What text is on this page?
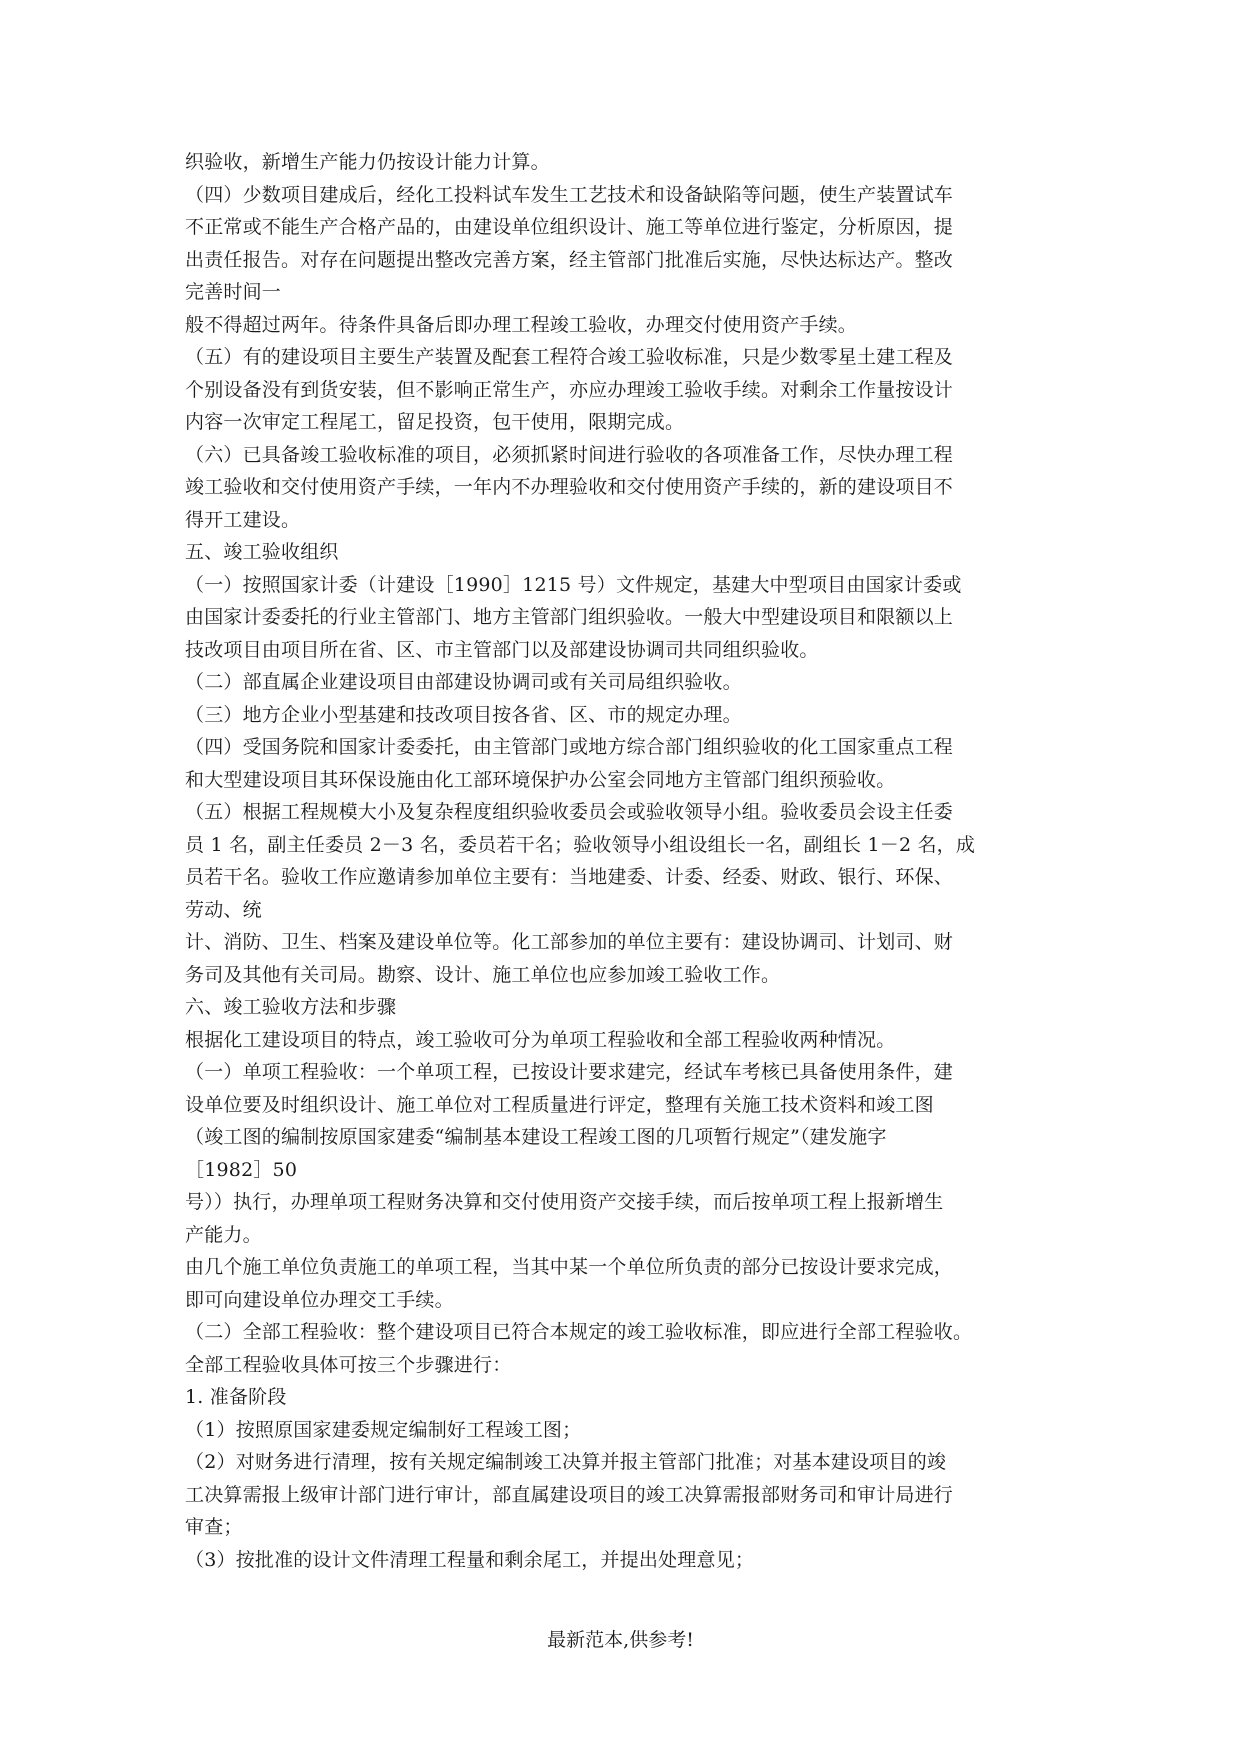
织验收，新增生产能力仍按设计能力计算。
（四）少数项目建成后，经化工投料试车发生工艺技术和设备缺陷等问题，使生产装置试车
不正常或不能生产合格产品的，由建设单位组织设计、施工等单位进行鉴定，分析原因，提
出责任报告。对存在问题提出整改完善方案，经主管部门批准后实施，尽快达标达产。整改
完善时间一
般不得超过两年。待条件具备后即办理工程竣工验收，办理交付使用资产手续。
（五）有的建设项目主要生产装置及配套工程符合竣工验收标准，只是少数零星土建工程及
个别设备没有到货安装，但不影响正常生产，亦应办理竣工验收手续。对剩余工作量按设计
内容一次审定工程尾工，留足投资，包干使用，限期完成。
（六）已具备竣工验收标准的项目，必须抓紧时间进行验收的各项准备工作，尽快办理工程
竣工验收和交付使用资产手续，一年内不办理验收和交付使用资产手续的，新的建设项目不
得开工建设。
五、竣工验收组织
（一）按照国家计委（计建设［1990］1215 号）文件规定，基建大中型项目由国家计委或
由国家计委委托的行业主管部门、地方主管部门组织验收。一般大中型建设项目和限额以上
技改项目由项目所在省、区、市主管部门以及部建设协调司共同组织验收。
（二）部直属企业建设项目由部建设协调司或有关司局组织验收。
（三）地方企业小型基建和技改项目按各省、区、市的规定办理。
（四）受国务院和国家计委委托，由主管部门或地方综合部门组织验收的化工国家重点工程
和大型建设项目其环保设施由化工部环境保护办公室会同地方主管部门组织预验收。
（五）根据工程规模大小及复杂程度组织验收委员会或验收领导小组。验收委员会设主任委
员 1 名，副主任委员 2－3 名，委员若干名；验收领导小组设组长一名，副组长 1－2 名，成
员若干名。验收工作应邀请参加单位主要有：当地建委、计委、经委、财政、银行、环保、
劳动、统
计、消防、卫生、档案及建设单位等。化工部参加的单位主要有：建设协调司、计划司、财
务司及其他有关司局。勘察、设计、施工单位也应参加竣工验收工作。
六、竣工验收方法和步骤
根据化工建设项目的特点，竣工验收可分为单项工程验收和全部工程验收两种情况。
（一）单项工程验收：一个单项工程，已按设计要求建完，经试车考核已具备使用条件，建
设单位要及时组织设计、施工单位对工程质量进行评定，整理有关施工技术资料和竣工图
（竣工图的编制按原国家建委“编制基本建设工程竣工图的几项暂行规定”（建发施字
［1982］50
号））执行，办理单项工程财务决算和交付使用资产交接手续，而后按单项工程上报新增生
产能力。
由几个施工单位负责施工的单项工程，当其中某一个单位所负责的部分已按设计要求完成，
即可向建设单位办理交工手续。
（二）全部工程验收：整个建设项目已符合本规定的竣工验收标准，即应进行全部工程验收。
全部工程验收具体可按三个步骤进行：
1. 准备阶段
（1）按照原国家建委规定编制好工程竣工图；
（2）对财务进行清理，按有关规定编制竣工决算并报主管部门批准；对基本建设项目的竣
工决算需报上级审计部门进行审计，部直属建设项目的竣工决算需报部财务司和审计局进行
审查；
（3）按批准的设计文件清理工程量和剩余尾工，并提出处理意见；
最新范本,供参考!
